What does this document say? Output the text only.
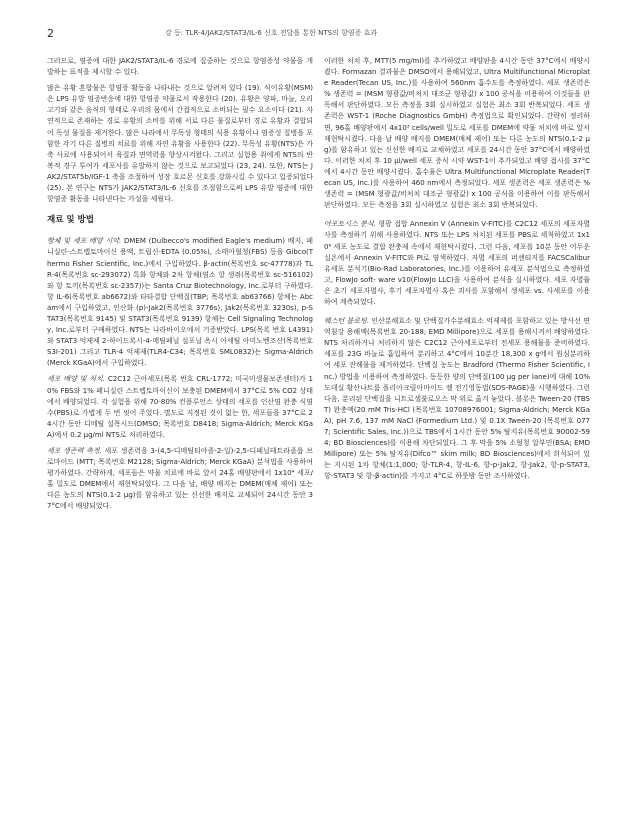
2	강 등: TLR-4/JAK2/STAT3/IL-6 신호 전달을 통한 NTS의 항염증 효과

그러므로, 염증에 대한 JAK2/STAT3/IL-6 경로에 집중하는 것으로 항염증성 약물을 개발하는 표적을 제시할 수 있다.

많은 유황 혼합물은 항염증 활동을 나타내는 것으로 알려져 있다 (19). 식이유황(MSM)은 LPS 유발 염증반응에 대한 항염증 약물로서 작용한다 (20). 유황은 양파, 마늘, 오리고기와 같은 음식의 형태로 우리의 몸에서 간접적으로 소비되는 필수 요소이다 (21). 자연적으로 존재하는 경로 유황의 소비를 위해 서로 다른 물질로부터 경로 유황과 결합되어 독성 물질을 제거한다. 많은 나라에서 무독성 형태의 식용 유황이나 염증성 질병을 포함한 각기 다른 질병의 치료를 위해 자연 유황을 사용한다 (22). 무독성 유황(NTS)은 가축 사료에 사용되어서 육질과 면역력을 향상시켜왔다. 그리고 실험용 취에게 NTS의 반복적 경구 투여가 세포사를 유발하지 않는 것으로 보고되었다 (23, 24). 또한, NTS는 JAK2/STAT5b/IGF-1 축을 조절하여 성장 호르몬 신호를 강화시킬 수 있다고 입증되었다 (25). 본 연구는 NTS가 JAK2/STAT3/IL-6 신호를 조절함으로써 LPS 유발 염증에 대한 항염증 활동을 나타낸다는 가설을 세웠다.

재료 및 방법

항체 및 세포 배양 시약. DMEM (Dulbecco's modified Eagle's medium) 배지, 페니실린-스트렙토마이신 용액, 트립신-EDTA (0.05%), 소태아혈청(FBS) 등을 Gibco(Thermo Fisher Scientific, Inc.)에서 구입하였다. β-actin(목록번호 sc-47778)과 TLR-4(목록번호 sc-293072) 특화 항체와 2차 항체(염소 항 생쥐(목록번호 sc-516102)와 항 토끼(목록번호 sc-2357))는 Santa Cruz Biotechnology, Inc.로부터 구하였다. 항 IL-6(목록번호 ab6672)와 타타결합 단백질(TBP; 목록번호 ab63766) 항체는 Abcam에서 구입하였고, 인산화 (p)-Jak2(목록번호 3776s), Jak2(목록번호 3230s), p-STAT3(목록번호 9145) 및 STAT3(목록번호 9139) 항체는 Cell Signaling Technology, Inc.로부터 구매하였다. NTS는 나라바이오에서 기증받았다. LPS(목록 번호 L4391)와 STAT3 억제제 2-하이드록시-4-메틸페닐 설포닐 옥시 아세틸 아미노벤조산(목록번호 S3I-201) 그리고 TLR-4 억제제(TLR4-C34; 목록번호 SML0832)는 Sigma-Aldrich (Merck KGaA)에서 구입하였다.

세포 배양 및 처치. C2C12 근아세포(목록 번호 CRL-1772; 미국미생물보존센터)가 10% FBS와 1% 페니실린 스트렙토마이신이 보충된 DMEM에서 37°C로 5% CO2 상태에서 배양되었다. 각 실험을 위해 70-80% 컨플루언스 상태의 세포를 인산염 완충 식염수(PBS)로 가볍게 두 번 씻어 주었다. 별도로 지정된 것이 없는 한, 세포들을 37°C로 24시간 동안 디메틸 설폭시드(DMSO; 목록번호 D8418; Sigma-Aldrich; Merck KGaA)에서 0.2 μg/ml NTS로 처리하였다.

세포 생존력 측정. 세포 생존력을 3-(4,5-디메틸티아졸-2-일)-2,5-디페닐테트라졸륨 브로마이드 (MTT; 목록번호 M2128; Sigma-Aldrich; Merck KGaA) 분석법을 사용하여 평가하였다. 간략하게, 세포들은 약물 치료에 바로 앞서 24홀 배양판에서 1x10⁴ 세포/홀 밀도로 DMEM에서 재현탁되었다. 그 다음 날, 배양 배지는 DMEM(매체 제어) 또는 다른 농도의 NTS(0.1-2 μg)를 함유하고 있는 신선한 배지로 교체되어 24시간 동안 37°C에서 배양되었다.

이러한 처치 후, MTT(5 mg/ml)를 추가하였고 배양판을 4시간 동안 37°C에서 배양시켰다. Formazan 결과물은 DMSO에서 용해되었고, Ultra Multifunctional Microplate Reader(Tecan US, Inc.)를 사용하여 560nm 흡수도를 측정하였다. 세포 생존력은 % 생존력 = (MSM 형광값/비처치 대조군 형광값) x 100 공식을 이용하여 이것들을 판독해서 판단하였다. 모든 측정을 3회 실시하였고 실험은 최소 3회 반복되었다. 세포 생존력은 WST-1 (Roche Diagnostics GmbH) 측정법으로 확인되었다. 간략히 정리하면, 96홀 배양판에서 4x10³ cells/well 밀도로 세포를 DMEM에 약물 처치에 바로 앞서 재현탁시켰다. 다음 날 배양 배지를 DMEM(매체 제어) 또는 다른 농도의 NTS(0.1-2 μg)를 함유하고 있는 신선한 배지로 교체하였고 세포를 24시간 동안 37°C에서 배양하였다. 이러한 처치 후 10 μl/well 세포 증식 시약 WST-1이 추가되었고 배양 접시를 37°C에서 4시간 동안 배양시켰다. 흡수율은 Ultra Multifunctional Microplate Reader(Tecan US, Inc.)를 사용하여 460 nm에서 측정되었다. 세포 생존력은 세포 생존력은 % 생존력 = (MSM 형광값/비처치 대조군 형광값) x 100 공식을 이용하여 이를 판독해서 판단하였다. 모든 측정을 3회 실시하였고 실험은 최소 3회 반복되었다.

아포토시스 분석. 형광 접합 Annexin V (Annexin V-FITC)를 C2C12 세포의 세포자멸사를 측정하기 위해 사용하였다. NTS 또는 LPS 처치된 세포를 PBS로 세척하였고 1x10⁶ 세포 농도로 결합 완충제 속에서 재현탁시켰다. 그런 다음, 세포를 10분 동안 어두운 실온에서 Annexin V-FITC와 PI로 염색하였다. 자멸 세포의 퍼센티지를 FACSCalibur 유세포 분석기(Bio-Rad Laboratories, Inc.)를 이용하여 유세포 분석법으로 측정하였고, FlowJo soft- ware v10(FlowJo LLC)을 사용하여 분석을 실시하였다. 세포 자멸률은 초기 세포자멸사, 후기 세포자멸사 혹은 괴사를 포함해서 생세포 vs. 사세포를 이용하여 계측되었다.

웨스턴 블로팅. 인산분해효소 및 단백질가수분해효소 억제제를 포함하고 있는 방사선 면역침강 용해액(목록번호 20-188; EMD Millipore)으로 세포를 용해시켜서 배양하였다. NTS 처리하거나 처리하지 않은 C2C12 근아세포로부터 전세포 용해물을 준비하였다. 세포를 23G 바늘로 흡입하여 분리하고 4°C에서 10분간 18,300 x g에서 원심분리하여 세포 잔해물을 제거하였다. 단백질 농도는 Bradford (Thermo Fisher Scientific, Inc.) 방법을 이용하여 측정하였다. 동등한 양의 단백질(100 μg per lane)에 대해 10% 도데실 황산나트륨 폴리아크릴아마이드 젤 전기영동법(SDS-PAGE)을 시행하였다. 그런 다음, 분리된 단백질을 니트로셀룰로오스 막 위로 옮겨 놓았다. 블롯은 Tween-20 (TBST) 완충액(20 mM Tris-HCl (목록번호 10708976001; Sigma-Aldrich; Merck KGaA), pH 7.6, 137 mM NaCl (Formedium Ltd.) 및 0.1X Tween-20 (목록번호 0777; Scientific Sales, Inc.))으로 TBS에서 1시간 동안 5% 탈지유(목록번호 90002-594; BD Biosciences)를 이용해 차단되었다. 그 후 막을 5% 소혈청 알부민(BSA; EMD Millipore) 또는 5% 탈지유(Difco™ skim milk; BD Biosciences)에서 희석되어 있는 지시된 1차 항체(1:1,000; 항-TLR-4, 항-IL-6, 항-p-Jak2, 항-Jak2, 항-p-STAT3, 항-STAT3 및 항-β-actin)를 가지고 4°C로 하룻밤 동안 조사하였다.
